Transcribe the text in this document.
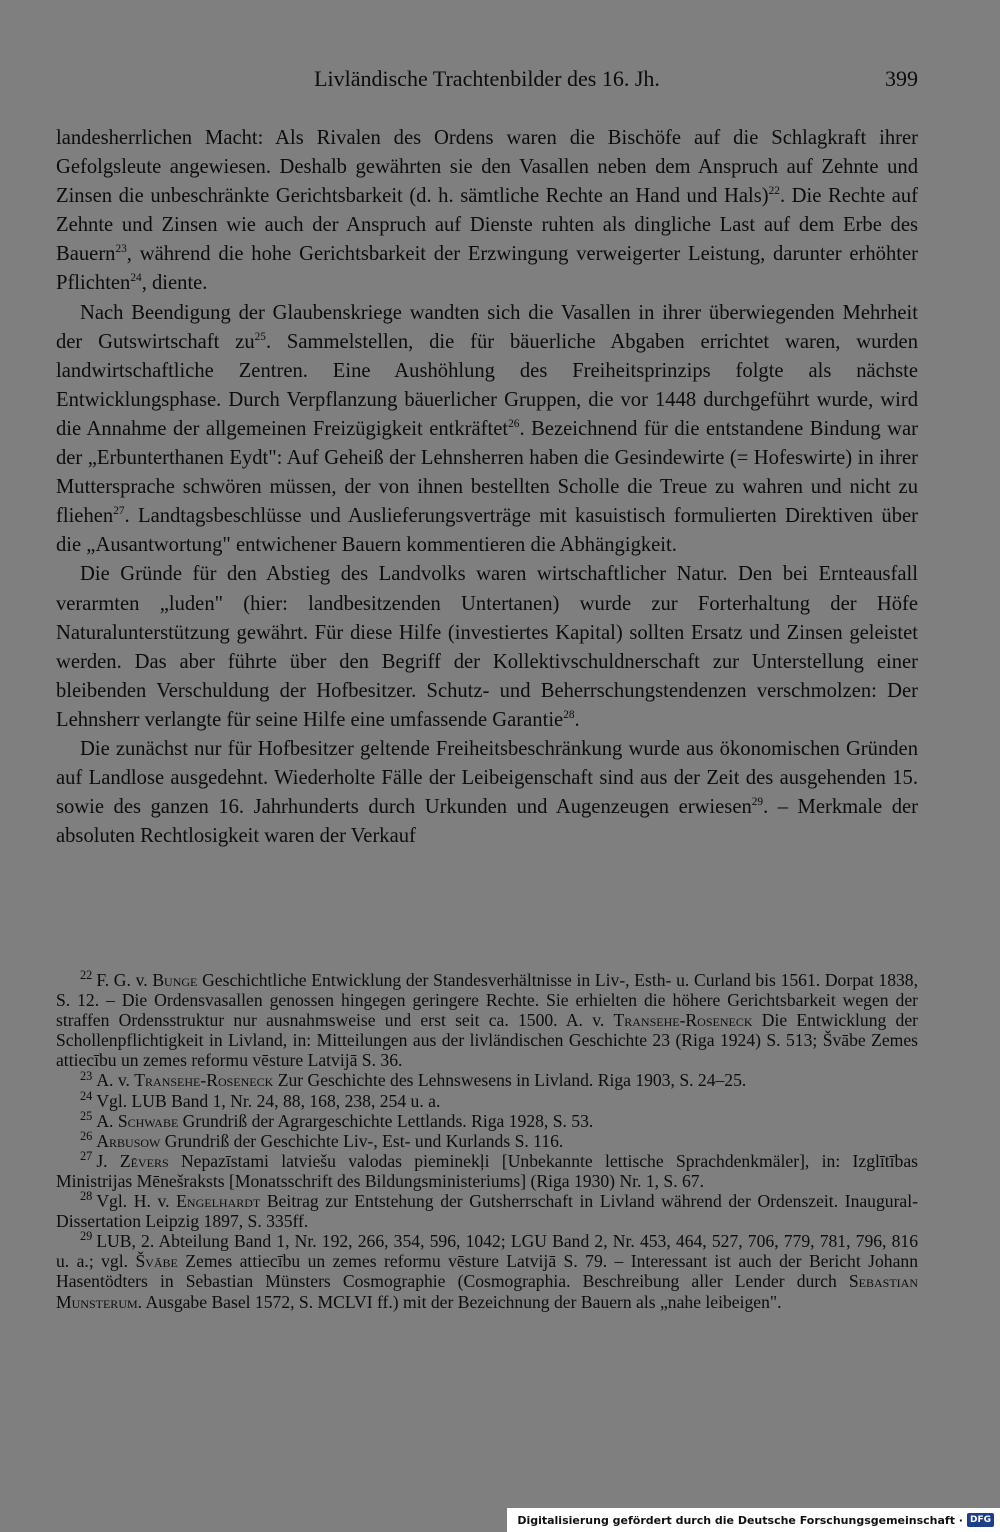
Livländische Trachtenbilder des 16. Jh.	399

landesherrlichen Macht: Als Rivalen des Ordens waren die Bischöfe auf die Schlagkraft ihrer Gefolgsleute angewiesen. Deshalb gewährten sie den Vasallen neben dem Anspruch auf Zehnte und Zinsen die unbeschränkte Gerichtsbarkeit (d. h. sämtliche Rechte an Hand und Hals)$^{22}$. Die Rechte auf Zehnte und Zinsen wie auch der Anspruch auf Dienste ruhten als dingliche Last auf dem Erbe des Bauern$^{23}$, während die hohe Gerichtsbarkeit der Erzwingung verweigerter Leistung, darunter erhöhter Pflichten$^{24}$, diente.

Nach Beendigung der Glaubenskriege wandten sich die Vasallen in ihrer überwiegenden Mehrheit der Gutswirtschaft $zu^{25}$. Sammelstellen, die für bäuerliche Abgaben errichtet waren, wurden landwirtschaftliche Zentren. Eine Aushöhlung des Freiheitsprinzips folgte als nächste Entwicklungsphase. Durch Verpflanzung bäuerlicher Gruppen, die vor 1448 durchgeführt wurde, wird die Annahme der allgemeinen Freizügigkeit entkräftet$^{26}$. Bezeichnend für die entstandene Bindung war der „Erbunterthanen Eydt": Auf Geheiß der Lehnsherren haben die Gesindewirte (= Hofeswirte) in ihrer Muttersprache schwören müssen, der von ihnen bestellten Scholle die Treue zu wahren und nicht zu fliehen$^{27}$. Landtagsbeschlüsse und Auslieferungsverträge mit kasuistisch formulierten Direktiven über die „Ausantwortung" entwichener Bauern kommentieren die Abhängigkeit.

Die Gründe für den Abstieg des Landvolks waren wirtschaftlicher Natur. Den bei Ernteausfall verarmten „luden" (hier: landbesitzenden Untertanen) wurde zur Forterhaltung der Höfe Naturalunterstützung gewährt. Für diese Hilfe (investiertes Kapital) sollten Ersatz und Zinsen geleistet werden. Das aber führte über den Begriff der Kollektivschuldnerschaft zur Unterstellung einer bleibenden Verschuldung der Hofbesitzer. Schutz- und Beherrschungstendenzen verschmolzen: Der Lehnsherr verlangte für seine Hilfe eine umfassende Garantie$^{28}$.

Die zunächst nur für Hofbesitzer geltende Freiheitsbeschränkung wurde aus ökonomischen Gründen auf Landlose ausgedehnt. Wiederholte Fälle der Leibeigenschaft sind aus der Zeit des ausgehenden 15. sowie des ganzen 16. Jahrhunderts durch Urkunden und Augenzeugen erwiesen$^{29}$. – Merkmale der absoluten Rechtlosigkeit waren der Verkauf

$^{22}$ F. G. v. Bunge Geschichtliche Entwicklung der Standesverhältnisse in Liv-, Esth- u. Curland bis 1561. Dorpat 1838, S. 12. – Die Ordensvasallen genossen hingegen geringere Rechte. Sie erhielten die höhere Gerichtsbarkeit wegen der straffen Ordensstruktur nur ausnahmsweise und erst seit ca. 1500. A. v. Transehe-Roseneck Die Entwicklung der Schollenpflichtigkeit in Livland, in: Mitteilungen aus der livländischen Geschichte 23 (Riga 1924) S. 513; Švābe Zemes attiecību un zemes reformu vēsture Latvijā S. 36.

$^{23}$ A. v. Transehe-Roseneck Zur Geschichte des Lehnswesens in Livland. Riga 1903, S. 24–25.

$^{24}$ Vgl. LUB Band 1, Nr. 24, 88, 168, 238, 254 u. a.

$^{25}$ A. Schwabe Grundriß der Agrargeschichte Lettlands. Riga 1928, S. 53.

$^{26}$ Arbusow Grundriß der Geschichte Liv-, Est- und Kurlands S. 116.

$^{27}$ J. Zēvers Nepazīstami latviešu valodas pieminekļi [Unbekannte lettische Sprachdenkmäler], in: Izglītības Ministrijas Mēnešraksts [Monatsschrift des Bildungsministeriums] (Riga 1930) Nr. 1, S. 67.

$^{28}$ Vgl. H. v. Engelhardt Beitrag zur Entstehung der Gutsherrschaft in Livland während der Ordenszeit. Inaugural-Dissertation Leipzig 1897, S. 335ff.

$^{29}$ LUB, 2. Abteilung Band 1, Nr. 192, 266, 354, 596, 1042; LGU Band 2, Nr. 453, 464, 527, 706, 779, 781, 796, 816 u. a.; vgl. Švābe Zemes attiecību un zemes reformu vēsture Latvijā S. 79. – Interessant ist auch der Bericht Johann Hasentödters in Sebastian Münsters Cosmographie (Cosmographia. Beschreibung aller Lender durch Sebastian Munsterum. Ausgabe Basel 1572, S. MCLVI ff.) mit der Bezeichnung der Bauern als „nahe leibeigen".

Digitalisierung gefördert durch die Deutsche Forschungsgemeinschaft · DFG
